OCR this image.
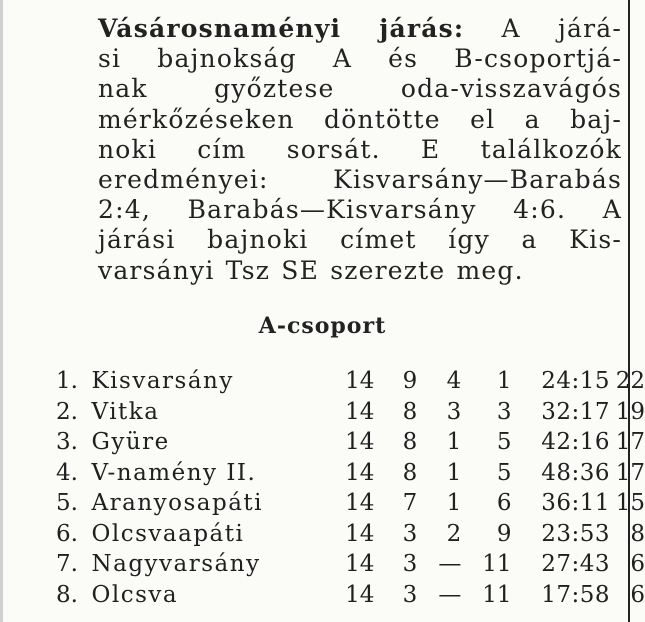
Vásárosnaményi járás: A járá-
si bajnokság A és B-csoportjá-
nak győztese oda-visszavágós
mérkőzéseken döntötte el a baj-
noki cím sorsát. E találkozók
eredményei: Kisvarsány—Barabás
2:4, Barabás—Kisvarsány 4:6. A
járási bajnoki címet így a Kis-
varsányi Tsz SE szerezte meg.
A-csoport
1.	Kisvarsány	14	9	4	1	24:15	22
2.	Vitka	14	8	3	3	32:17	19
3.	Gyüre	14	8	1	5	42:16	17
4.	V-namény II.	14	8	1	5	48:36	17
5.	Aranyosapáti	14	7	1	6	36:11	15
6.	Olcsvaapáti	14	3	2	9	23:53	8
7.	Nagyvarsány	14	3	—	11	27:43	6
8.	Olcsva	14	3	—	11	17:58	6
